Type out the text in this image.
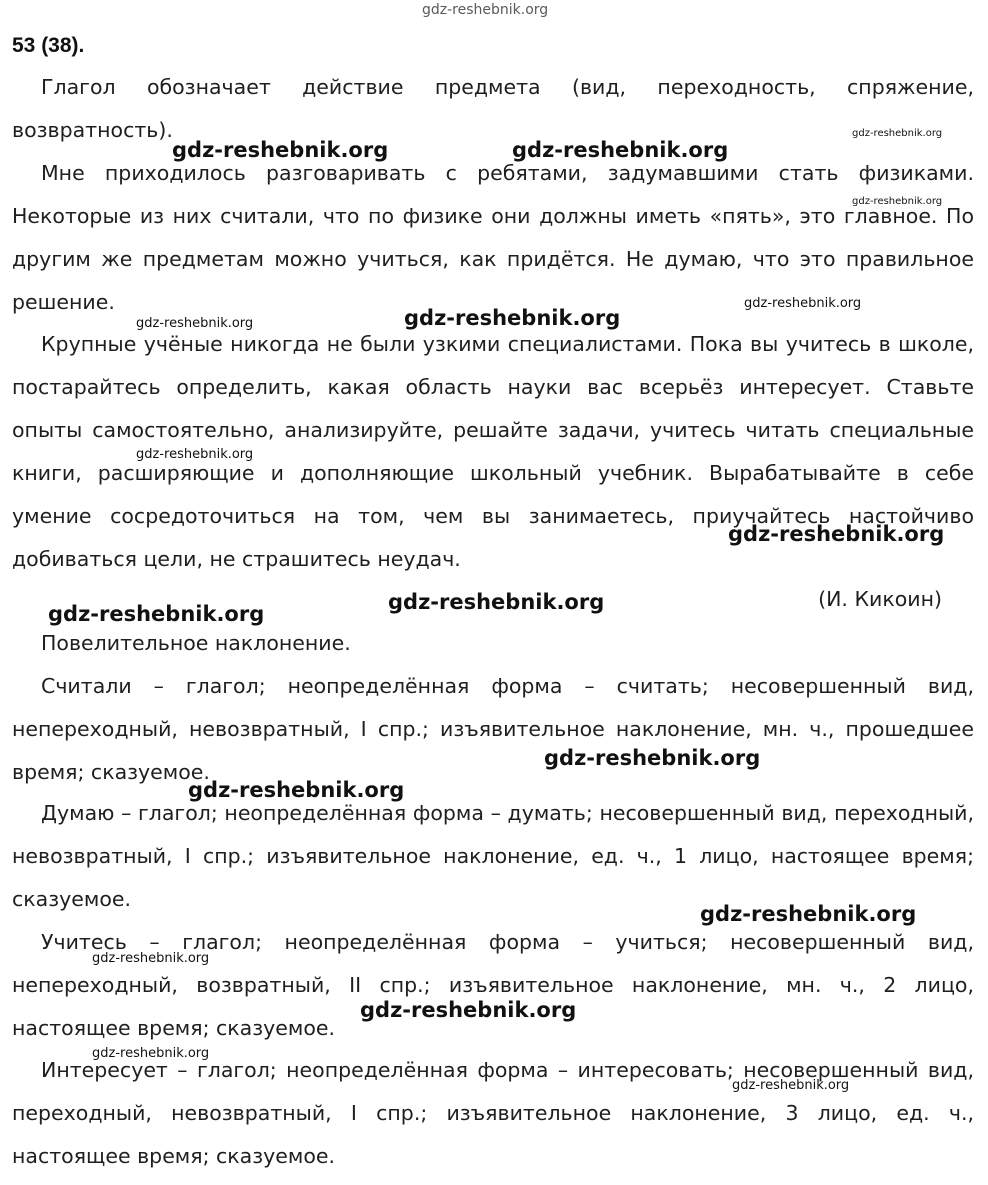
gdz-reshebnik.org
53 (38).

Глагол обозначает действие предмета (вид, переходность, спряжение, возвратность).

Мне приходилось разговаривать с ребятами, задумавшими стать физиками. Некоторые из них считали, что по физике они должны иметь «пять», это главное. По другим же предметам можно учиться, как придётся. Не думаю, что это правильное решение.

Крупные учёные никогда не были узкими специалистами. Пока вы учитесь в школе, постарайтесь определить, какая область науки вас всерьёз интересует. Ставьте опыты самостоятельно, анализируйте, решайте задачи, учитесь читать специальные книги, расширяющие и дополняющие школьный учебник. Вырабатывайте в себе умение сосредоточиться на том, чем вы занимаетесь, приучайтесь настойчиво добиваться цели, не страшитесь неудач.

(И. Кикоин)

Повелительное наклонение.

Считали – глагол; неопределённая форма – считать; несовершенный вид, непереходный, невозвратный, I спр.; изъявительное наклонение, мн. ч., прошедшее время; сказуемое.

Думаю – глагол; неопределённая форма – думать; несовершенный вид, переходный, невозвратный, I спр.; изъявительное наклонение, ед. ч., 1 лицо, настоящее время; сказуемое.

Учитесь – глагол; неопределённая форма – учиться; несовершенный вид, непереходный, возвратный, II спр.; изъявительное наклонение, мн. ч., 2 лицо, настоящее время; сказуемое.

Интересует – глагол; неопределённая форма – интересовать; несовершенный вид, переходный, невозвратный, I спр.; изъявительное наклонение, 3 лицо, ед. ч., настоящее время; сказуемое.

gdz-reshebnik.org	gdz-reshebnik.org
gdz-reshebnik.org
gdz-reshebnik.org
gdz-reshebnik.org
gdz-reshebnik.org	gdz-reshebnik.org
gdz-reshebnik.org
gdz-reshebnik.org
gdz-reshebnik.org	gdz-reshebnik.org
gdz-reshebnik.org
gdz-reshebnik.org
gdz-reshebnik.org
gdz-reshebnik.org
gdz-reshebnik.org
gdz-reshebnik.org
gdz-reshebnik.org
